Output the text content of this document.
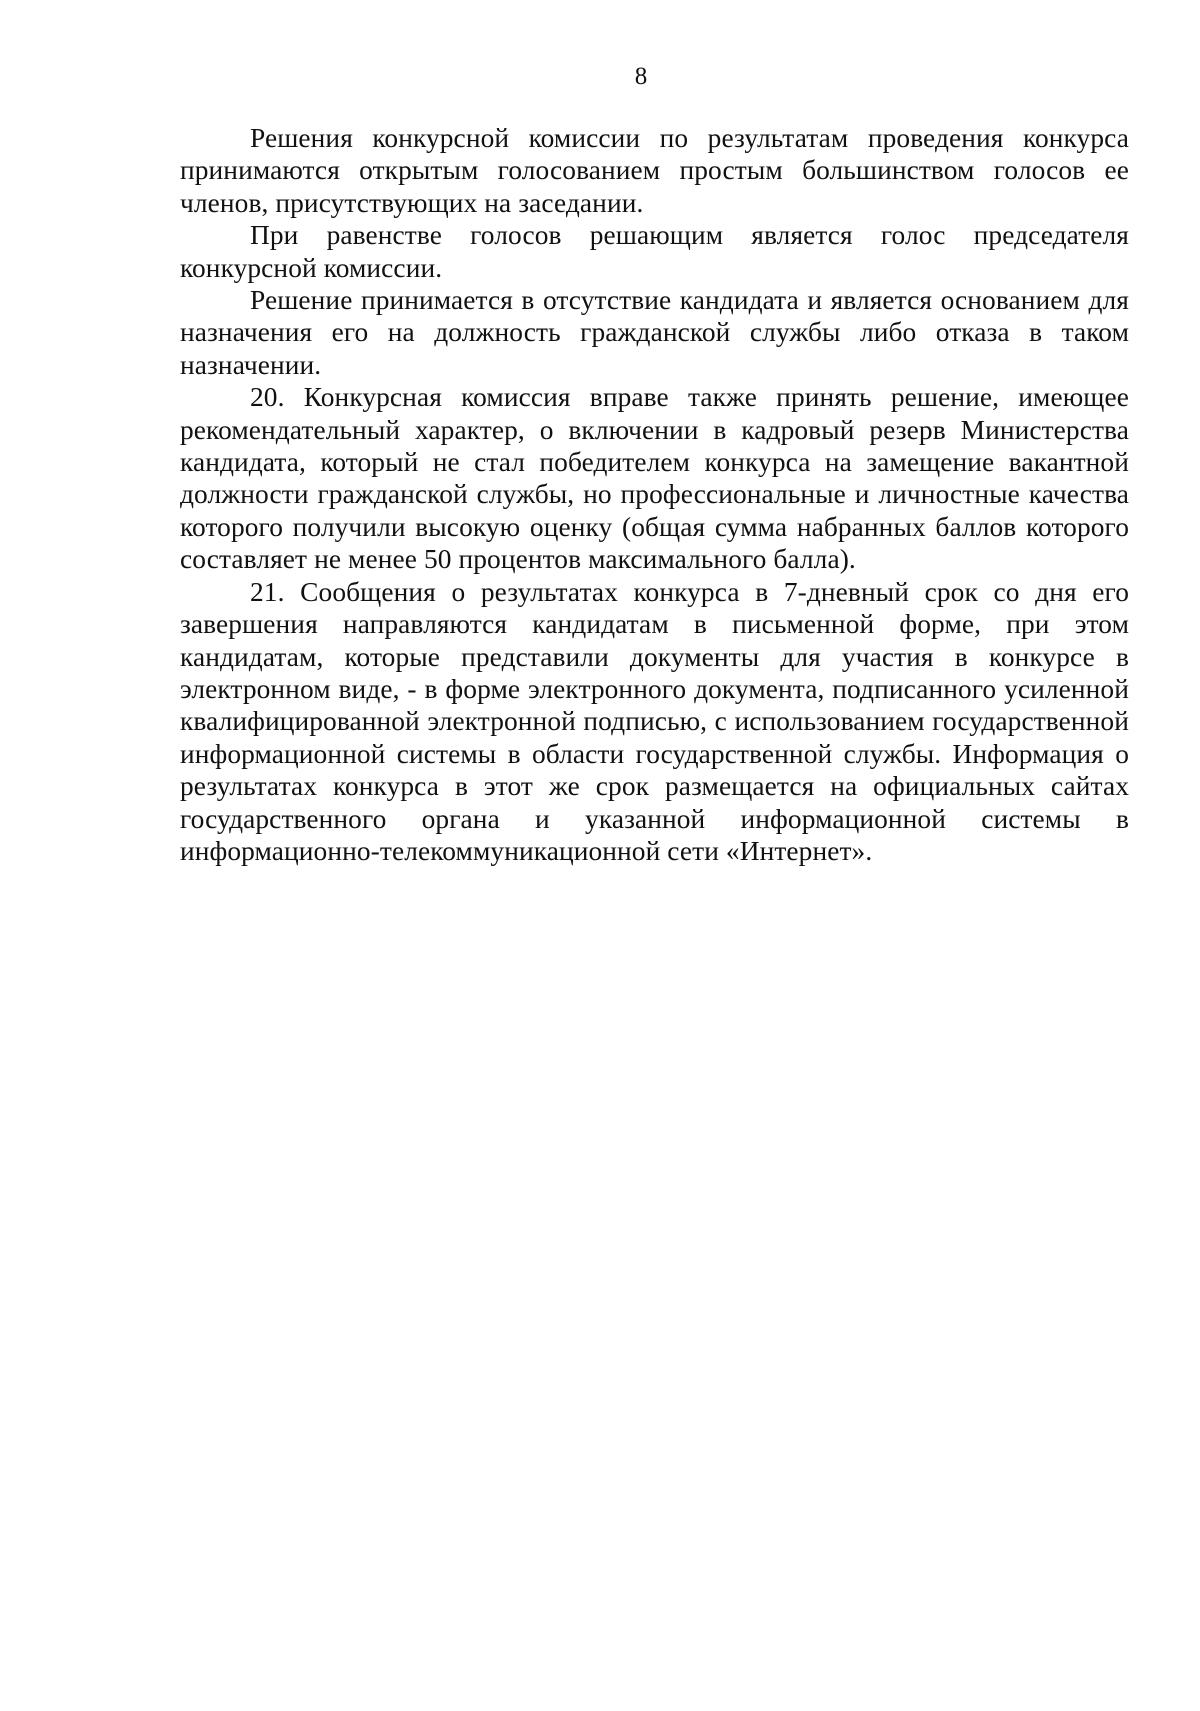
8

Решения конкурсной комиссии по результатам проведения конкурса принимаются открытым голосованием простым большинством голосов ее членов, присутствующих на заседании.

При равенстве голосов решающим является голос председателя конкурсной комиссии.

Решение принимается в отсутствие кандидата и является основанием для назначения его на должность гражданской службы либо отказа в таком назначении.

20. Конкурсная комиссия вправе также принять решение, имеющее рекомендательный характер, о включении в кадровый резерв Министерства кандидата, который не стал победителем конкурса на замещение вакантной должности гражданской службы, но профессиональные и личностные качества которого получили высокую оценку (общая сумма набранных баллов которого составляет не менее 50 процентов максимального балла).

21. Сообщения о результатах конкурса в 7-дневный срок со дня его завершения направляются кандидатам в письменной форме, при этом кандидатам, которые представили документы для участия в конкурсе в электронном виде, - в форме электронного документа, подписанного усиленной квалифицированной электронной подписью, с использованием государственной информационной системы в области государственной службы. Информация о результатах конкурса в этот же срок размещается на официальных сайтах государственного органа и указанной информационной системы в информационно-телекоммуникационной сети «Интернет».
